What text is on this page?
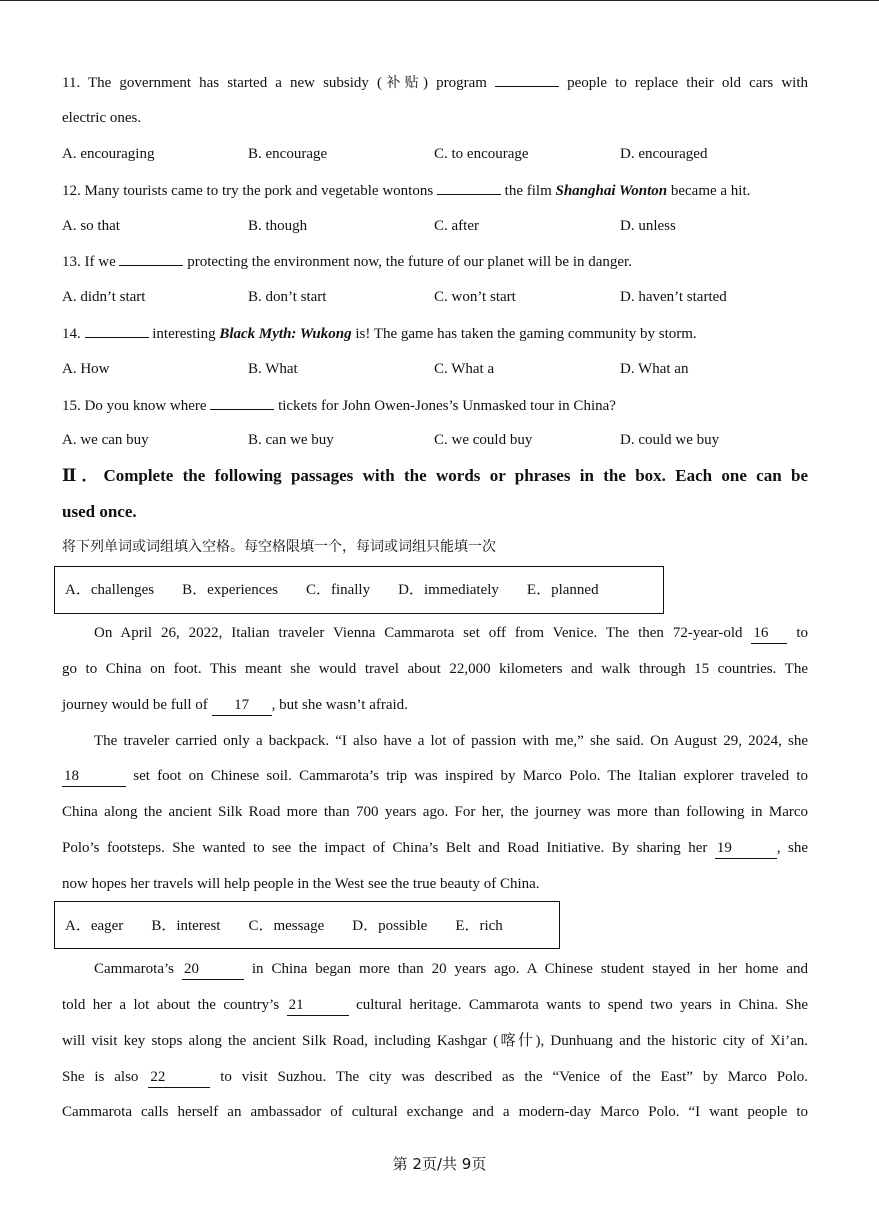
11. The government has started a new subsidy (补贴) program	people to replace their old cars with
electric ones.
A. encouraging	B. encourage	C. to encourage	D. encouraged
12. Many tourists came to try the pork and vegetable wontons	the film Shanghai Wonton became a hit.
A. so that	B. though	C. after	D. unless
13. If we	protecting the environment now, the future of our planet will be in danger.
A. didn’t start	B. don’t start	C. won’t start	D. haven’t started
14.	interesting Black Myth: Wukong is! The game has taken the gaming community by storm.
A. How	B. What	C. What a	D. What an
15. Do you know where	tickets for John Owen-Jones’s Unmasked tour in China?
A. we can buy	B. can we buy	C. we could buy	D. could we buy
Ⅱ．Complete the following passages with the words or phrases in the box. Each one can be
used once.
将下列单词或词组填入空格。每空格限填一个，每词或词组只能填一次
A．challenges B．experiences C．finally D．immediately E．planned
On April 26, 2022, Italian traveler Vienna Cammarota set off from Venice. The then 72-year-old 16 to
go to China on foot. This meant she would travel about 22,000 kilometers and walk through 15 countries. The
journey would be full of 17 , but she wasn’t afraid.
The traveler carried only a backpack. “I also have a lot of passion with me,” she said. On August 29, 2024, she
18	set foot on Chinese soil. Cammarota’s trip was inspired by Marco Polo. The Italian explorer traveled to
China along the ancient Silk Road more than 700 years ago. For her, the journey was more than following in Marco
Polo’s footsteps. She wanted to see the impact of China’s Belt and Road Initiative. By sharing her 19	, she
now hopes her travels will help people in the West see the true beauty of China.
A．eager B．interest C．message D．possible E．rich
Cammarota’s 20	in China began more than 20 years ago. A Chinese student stayed in her home and
told her a lot about the country’s 21	cultural heritage. Cammarota wants to spend two years in China. She
will visit key stops along the ancient Silk Road, including Kashgar (喀什), Dunhuang and the historic city of Xi’an.
She is also 22	to visit Suzhou. The city was described as the “Venice of the East” by Marco Polo.
Cammarota calls herself an ambassador of cultural exchange and a modern-day Marco Polo. “I want people to
第 2页/共 9页
